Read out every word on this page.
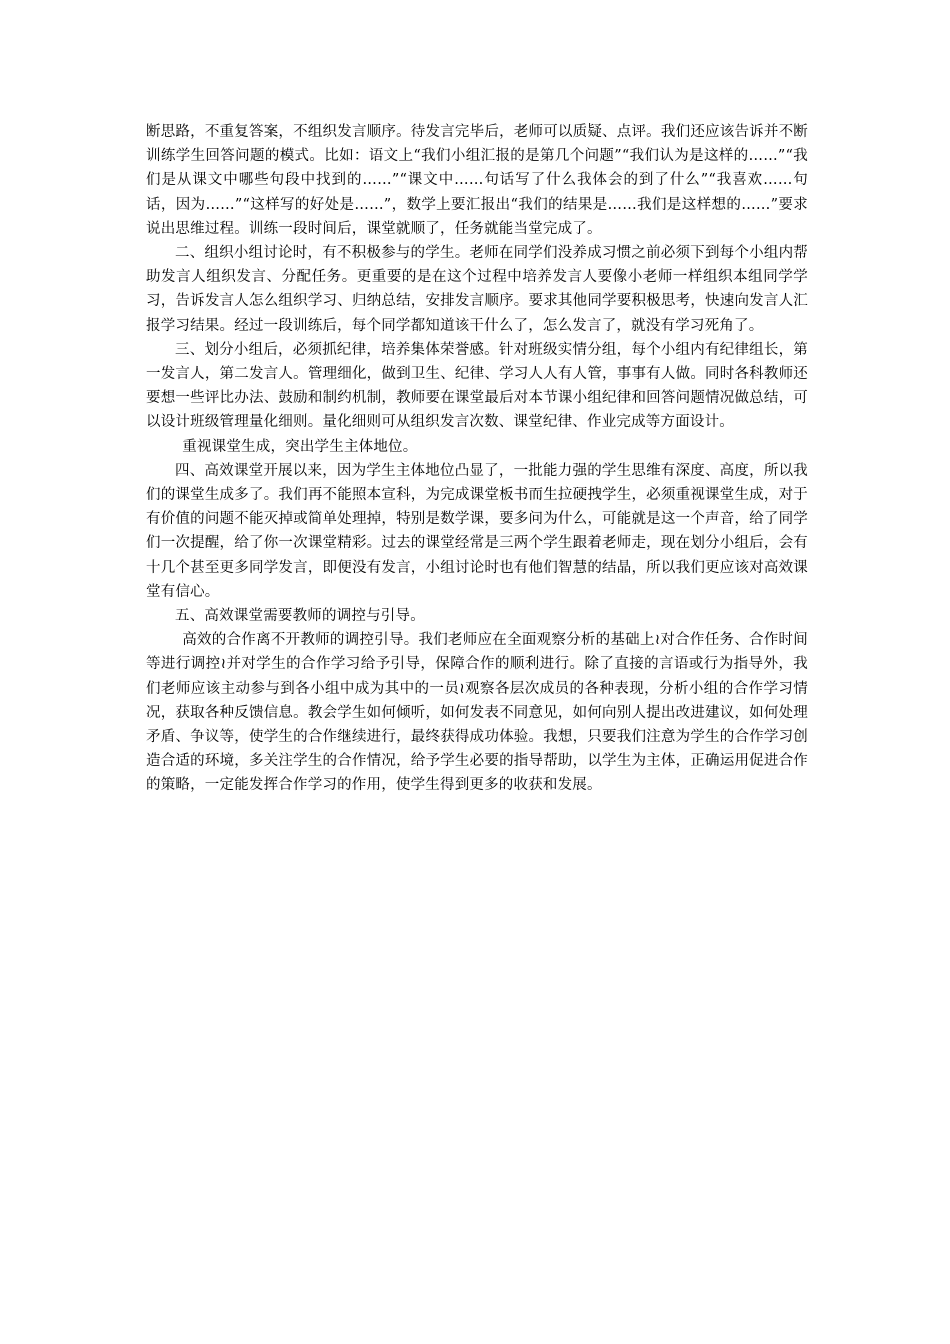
断思路，不重复答案，不组织发言顺序。待发言完毕后，老师可以质疑、点评。我们还应该告诉并不断训练学生回答问题的模式。比如：语文上“我们小组汇报的是第几个问题”“我们认为是这样的……”“我们是从课文中哪些句段中找到的……”“课文中……句话写了什么我体会的到了什么”“我喜欢……句话，因为……”“这样写的好处是……”，数学上要汇报出“我们的结果是……我们是这样想的……”要求说出思维过程。训练一段时间后，课堂就顺了，任务就能当堂完成了。

二、组织小组讨论时，有不积极参与的学生。老师在同学们没养成习惯之前必须下到每个小组内帮助发言人组织发言、分配任务。更重要的是在这个过程中培养发言人要像小老师一样组织本组同学学习，告诉发言人怎么组织学习、归纳总结，安排发言顺序。要求其他同学要积极思考，快速向发言人汇报学习结果。经过一段训练后，每个同学都知道该干什么了，怎么发言了，就没有学习死角了。

三、划分小组后，必须抓纪律，培养集体荣誉感。针对班级实情分组，每个小组内有纪律组长，第一发言人，第二发言人。管理细化，做到卫生、纪律、学习人人有人管，事事有人做。同时各科教师还要想一些评比办法、鼓励和制约机制，教师要在课堂最后对本节课小组纪律和回答问题情况做总结，可以设计班级管理量化细则。量化细则可从组织发言次数、课堂纪律、作业完成等方面设计。

重视课堂生成，突出学生主体地位。

四、高效课堂开展以来，因为学生主体地位凸显了，一批能力强的学生思维有深度、高度，所以我们的课堂生成多了。我们再不能照本宣科，为完成课堂板书而生拉硬拽学生，必须重视课堂生成，对于有价值的问题不能灭掉或简单处理掉，特别是数学课，要多问为什么，可能就是这一个声音，给了同学们一次提醒，给了你一次课堂精彩。过去的课堂经常是三两个学生跟着老师走，现在划分小组后，会有十几个甚至更多同学发言，即便没有发言，小组讨论时也有他们智慧的结晶，所以我们更应该对高效课堂有信心。

五、高效课堂需要教师的调控与引导。

高效的合作离不开教师的调控引导。我们老师应在全面观察分析的基础上≀对合作任务、合作时间等进行调控≀并对学生的合作学习给予引导，保障合作的顺利进行。除了直接的言语或行为指导外，我们老师应该主动参与到各小组中成为其中的一员≀观察各层次成员的各种表现，分析小组的合作学习情况，获取各种反馈信息。教会学生如何倾听，如何发表不同意见，如何向别人提出改进建议，如何处理矛盾、争议等，使学生的合作继续进行，最终获得成功体验。我想，只要我们注意为学生的合作学习创造合适的环境，多关注学生的合作情况，给予学生必要的指导帮助，以学生为主体，正确运用促进合作的策略，一定能发挥合作学习的作用，使学生得到更多的收获和发展。
